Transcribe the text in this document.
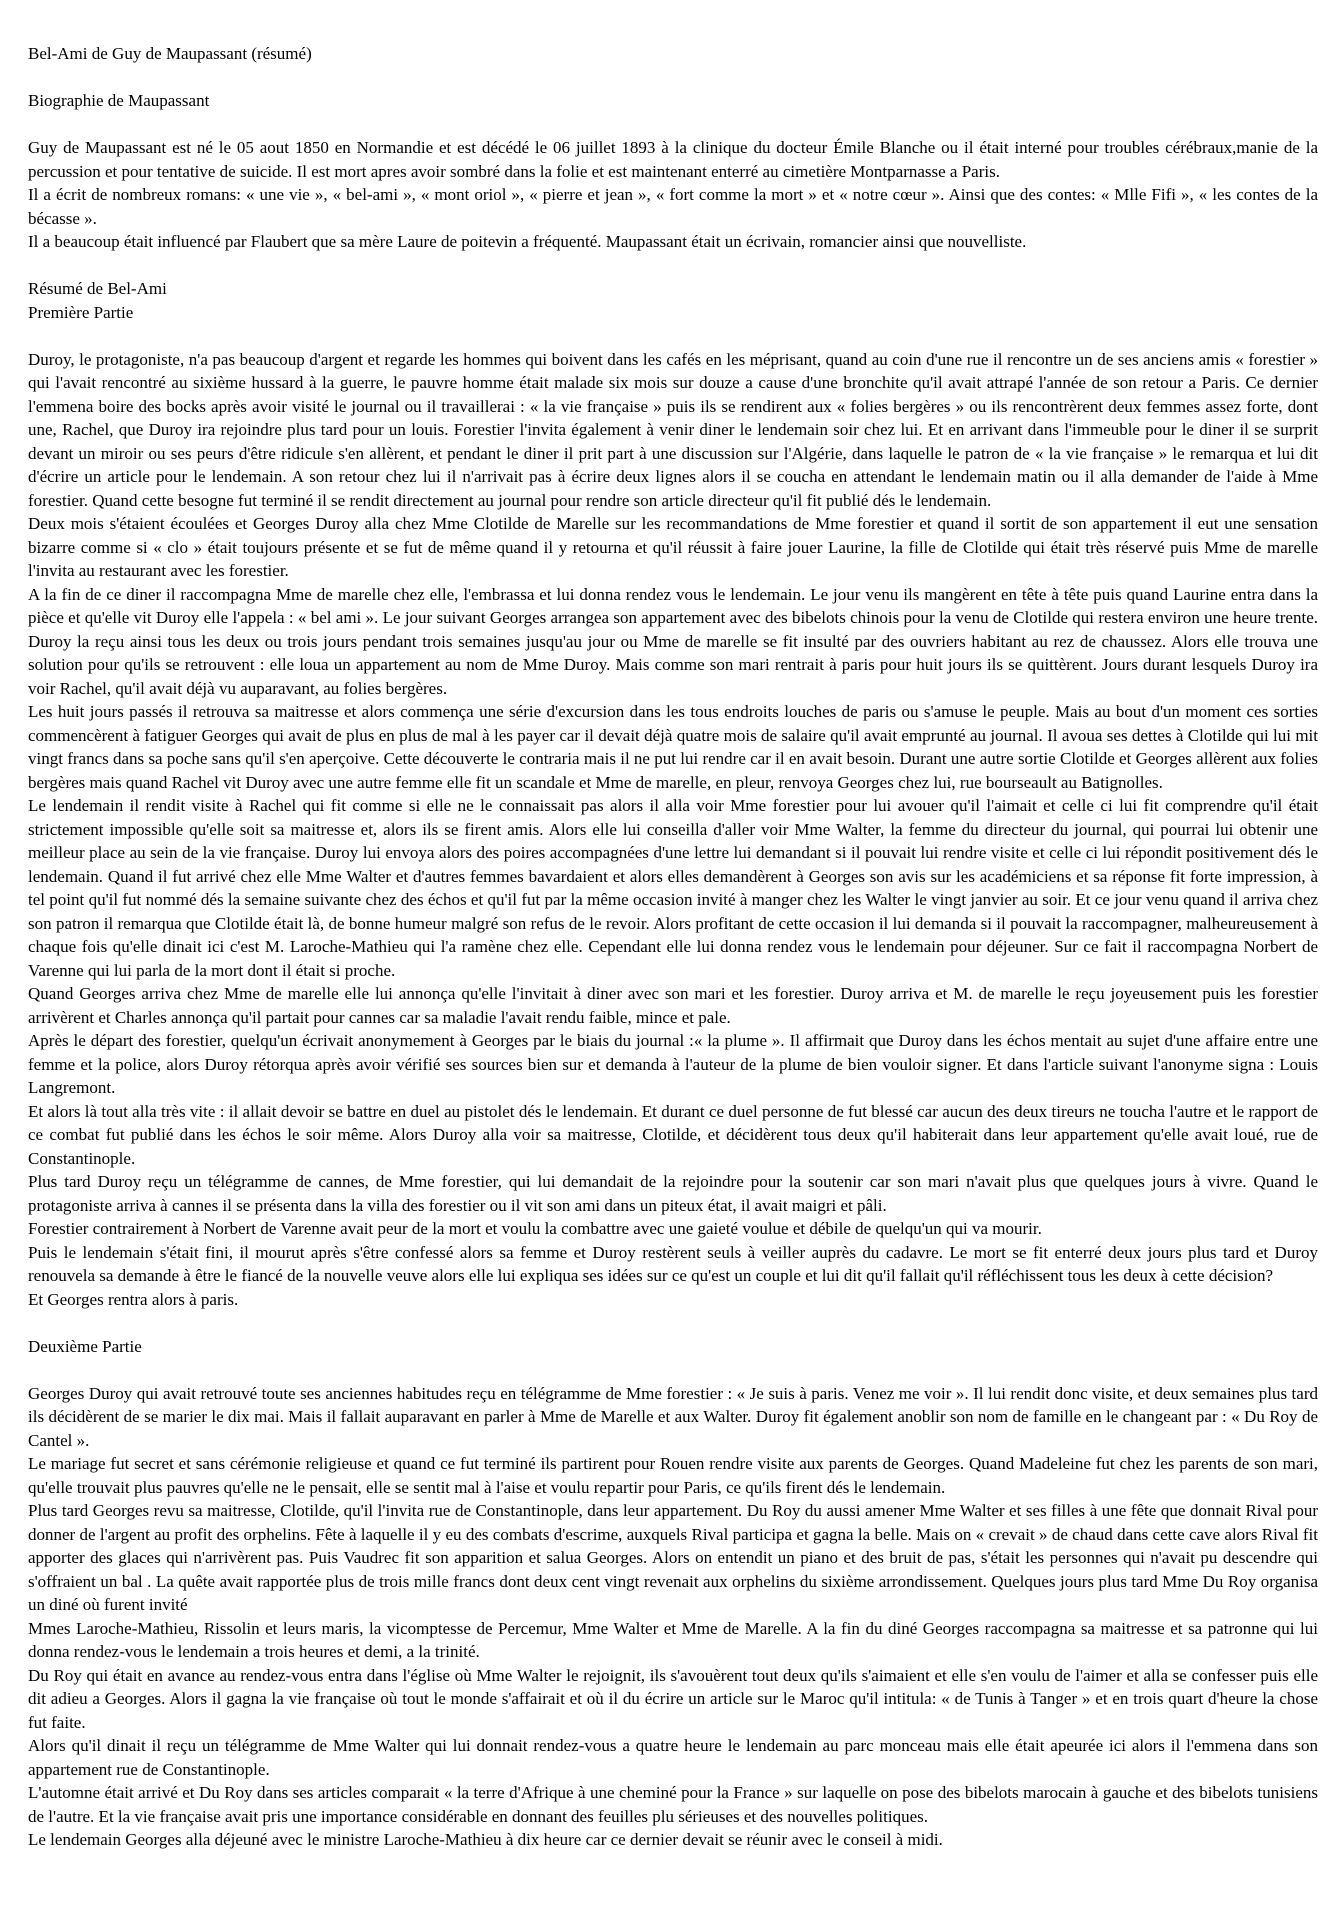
Bel-Ami de Guy de Maupassant (résumé)

Biographie de Maupassant

Guy de Maupassant est né le 05 aout 1850 en Normandie et est décédé le 06 juillet 1893 à la clinique du docteur Émile Blanche ou il était interné pour troubles cérébraux,manie de la percussion et pour tentative de suicide. Il est mort apres avoir sombré dans la folie et est maintenant enterré au cimetière Montparnasse a Paris.

Il a écrit de nombreux romans: « une vie », « bel-ami », « mont oriol », « pierre et jean », « fort comme la mort » et « notre cœur ». Ainsi que des contes: « Mlle Fifi », « les contes de la bécasse ».

Il a beaucoup était influencé par Flaubert que sa mère Laure de poitevin a fréquenté. Maupassant était un écrivain, romancier ainsi que nouvelliste.

Résumé de Bel-Ami

Première Partie

Duroy, le protagoniste, n'a pas beaucoup d'argent et regarde les hommes qui boivent dans les cafés en les méprisant, quand au coin d'une rue il rencontre un de ses anciens amis « forestier » qui l'avait rencontré au sixième hussard à la guerre, le pauvre homme était malade six mois sur douze a cause d'une bronchite qu'il avait attrapé l'année de son retour a Paris. Ce dernier l'emmena boire des bocks après avoir visité le journal ou il travaillerai : « la vie française » puis ils se rendirent aux « folies bergères » ou ils rencontrèrent deux femmes assez forte, dont une, Rachel, que Duroy ira rejoindre plus tard pour un louis. Forestier l'invita également à venir diner le lendemain soir chez lui. Et en arrivant dans l'immeuble pour le diner il se surprit devant un miroir ou ses peurs d'être ridicule s'en allèrent, et pendant le diner il prit part à une discussion sur l'Algérie, dans laquelle le patron de « la vie française » le remarqua et lui dit d'écrire un article pour le lendemain. A son retour chez lui il n'arrivait pas à écrire deux lignes alors il se coucha en attendant le lendemain matin ou il alla demander de l'aide à Mme forestier. Quand cette besogne fut terminé il se rendit directement au journal pour rendre son article directeur qu'il fit publié dés le lendemain.

Deux mois s'étaient écoulées et Georges Duroy alla chez Mme Clotilde de Marelle sur les recommandations de Mme forestier et quand il sortit de son appartement il eut une sensation bizarre comme si « clo » était toujours présente et se fut de même quand il y retourna et qu'il réussit à faire jouer Laurine, la fille de Clotilde qui était très réservé puis Mme de marelle l'invita au restaurant avec les forestier.

A la fin de ce diner il raccompagna Mme de marelle chez elle, l'embrassa et lui donna rendez vous le lendemain. Le jour venu ils mangèrent en tête à tête puis quand Laurine entra dans la pièce et qu'elle vit Duroy elle l'appela : « bel ami ». Le jour suivant Georges arrangea son appartement avec des bibelots chinois pour la venu de Clotilde qui restera environ une heure trente. Duroy la reçu ainsi tous les deux ou trois jours pendant trois semaines jusqu'au jour ou Mme de marelle se fit insulté par des ouvriers habitant au rez de chaussez. Alors elle trouva une solution pour qu'ils se retrouvent : elle loua un appartement au nom de Mme Duroy. Mais comme son mari rentrait à paris pour huit jours ils se quittèrent. Jours durant lesquels Duroy ira voir Rachel, qu'il avait déjà vu auparavant, au folies bergères.

Les huit jours passés il retrouva sa maitresse et alors commença une série d'excursion dans les tous endroits louches de paris ou s'amuse le peuple. Mais au bout d'un moment ces sorties commencèrent à fatiguer Georges qui avait de plus en plus de mal à les payer car il devait déjà quatre mois de salaire qu'il avait emprunté au journal. Il avoua ses dettes à Clotilde qui lui mit vingt francs dans sa poche sans qu'il s'en aperçoive. Cette découverte le contraria mais il ne put lui rendre car il en avait besoin. Durant une autre sortie Clotilde et Georges allèrent aux folies bergères mais quand Rachel vit Duroy avec une autre femme elle fit un scandale et Mme de marelle, en pleur, renvoya Georges chez lui, rue bourseault au Batignolles.

Le lendemain il rendit visite à Rachel qui fit comme si elle ne le connaissait pas alors il alla voir Mme forestier pour lui avouer qu'il l'aimait et celle ci lui fit comprendre qu'il était strictement impossible qu'elle soit sa maitresse et, alors ils se firent amis. Alors elle lui conseilla d'aller voir Mme Walter, la femme du directeur du journal, qui pourrai lui obtenir une meilleur place au sein de la vie française. Duroy lui envoya alors des poires accompagnées d'une lettre lui demandant si il pouvait lui rendre visite et celle ci lui répondit positivement dés le lendemain. Quand il fut arrivé chez elle Mme Walter et d'autres femmes bavardaient et alors elles demandèrent à Georges son avis sur les académiciens et sa réponse fit forte impression, à tel point qu'il fut nommé dés la semaine suivante chez des échos et qu'il fut par la même occasion invité à manger chez les Walter le vingt janvier au soir. Et ce jour venu quand il arriva chez son patron il remarqua que Clotilde était là, de bonne humeur malgré son refus de le revoir. Alors profitant de cette occasion il lui demanda si il pouvait la raccompagner, malheureusement à chaque fois qu'elle dinait ici c'est M. Laroche-Mathieu qui l'a ramène chez elle. Cependant elle lui donna rendez vous le lendemain pour déjeuner. Sur ce fait il raccompagna Norbert de Varenne qui lui parla de la mort dont il était si proche.

Quand Georges arriva chez Mme de marelle elle lui annonça qu'elle l'invitait à diner avec son mari et les forestier. Duroy arriva et M. de marelle le reçu joyeusement puis les forestier arrivèrent et Charles annonça qu'il partait pour cannes car sa maladie l'avait rendu faible, mince et pale.

Après le départ des forestier, quelqu'un écrivait anonymement à Georges par le biais du journal :« la plume ». Il affirmait que Duroy dans les échos mentait au sujet d'une affaire entre une femme et la police, alors Duroy rétorqua après avoir vérifié ses sources bien sur et demanda à l'auteur de la plume de bien vouloir signer. Et dans l'article suivant l'anonyme signa : Louis Langremont.

Et alors là tout alla très vite : il allait devoir se battre en duel au pistolet dés le lendemain. Et durant ce duel personne de fut blessé car aucun des deux tireurs ne toucha l'autre et le rapport de ce combat fut publié dans les échos le soir même. Alors Duroy alla voir sa maitresse, Clotilde, et décidèrent tous deux qu'il habiterait dans leur appartement qu'elle avait loué, rue de Constantinople.

Plus tard Duroy reçu un télégramme de cannes, de Mme forestier, qui lui demandait de la rejoindre pour la soutenir car son mari n'avait plus que quelques jours à vivre. Quand le protagoniste arriva à cannes il se présenta dans la villa des forestier ou il vit son ami dans un piteux état, il avait maigri et pâli.

Forestier contrairement à Norbert de Varenne avait peur de la mort et voulu la combattre avec une gaieté voulue et débile de quelqu'un qui va mourir.

Puis le lendemain s'était fini, il mourut après s'être confessé alors sa femme et Duroy restèrent seuls à veiller auprès du cadavre. Le mort se fit enterré deux jours plus tard et Duroy renouvela sa demande à être le fiancé de la nouvelle veuve alors elle lui expliqua ses idées sur ce qu'est un couple et lui dit qu'il fallait qu'il réfléchissent tous les deux à cette décision?

Et Georges rentra alors à paris.

Deuxième Partie

Georges Duroy qui avait retrouvé toute ses anciennes habitudes reçu en télégramme de Mme forestier : « Je suis à paris. Venez me voir ». Il lui rendit donc visite, et deux semaines plus tard ils décidèrent de se marier le dix mai. Mais il fallait auparavant en parler à Mme de Marelle et aux Walter. Duroy fit également anoblir son nom de famille en le changeant par : « Du Roy de Cantel ».

Le mariage fut secret et sans cérémonie religieuse et quand ce fut terminé ils partirent pour Rouen rendre visite aux parents de Georges. Quand Madeleine fut chez les parents de son mari, qu'elle trouvait plus pauvres qu'elle ne le pensait, elle se sentit mal à l'aise et voulu repartir pour Paris, ce qu'ils firent dés le lendemain.

Plus tard Georges revu sa maitresse, Clotilde, qu'il l'invita rue de Constantinople, dans leur appartement. Du Roy du aussi amener Mme Walter et ses filles à une fête que donnait Rival pour donner de l'argent au profit des orphelins. Fête à laquelle il y eu des combats d'escrime, auxquels Rival participa et gagna la belle. Mais on « crevait » de chaud dans cette cave alors Rival fit apporter des glaces qui n'arrivèrent pas. Puis Vaudrec fit son apparition et salua Georges. Alors on entendit un piano et des bruit de pas, s'était les personnes qui n'avait pu descendre qui s'offraient un bal . La quête avait rapportée plus de trois mille francs dont deux cent vingt revenait aux orphelins du sixième arrondissement. Quelques jours plus tard Mme Du Roy organisa un diné où furent invité

Mmes Laroche-Mathieu, Rissolin et leurs maris, la vicomptesse de Percemur, Mme Walter et Mme de Marelle. A la fin du diné Georges raccompagna sa maitresse et sa patronne qui lui donna rendez-vous le lendemain a trois heures et demi, a la trinité.

Du Roy qui était en avance au rendez-vous entra dans l'église où Mme Walter le rejoignit, ils s'avouèrent tout deux qu'ils s'aimaient et elle s'en voulu de l'aimer et alla se confesser puis elle dit adieu a Georges. Alors il gagna la vie française où tout le monde s'affairait et où il du écrire un article sur le Maroc qu'il intitula: « de Tunis à Tanger » et en trois quart d'heure la chose fut faite.

Alors qu'il dinait il reçu un télégramme de Mme Walter qui lui donnait rendez-vous a quatre heure le lendemain au parc monceau mais elle était apeurée ici alors il l'emmena dans son appartement rue de Constantinople.

L'automne était arrivé et Du Roy dans ses articles comparait « la terre d'Afrique à une cheminé pour la France » sur laquelle on pose des bibelots marocain à gauche et des bibelots tunisiens de l'autre. Et la vie française avait pris une importance considérable en donnant des feuilles plu sérieuses et des nouvelles politiques.

Le lendemain Georges alla déjeuné avec le ministre Laroche-Mathieu à dix heure car ce dernier devait se réunir avec le conseil à midi.
